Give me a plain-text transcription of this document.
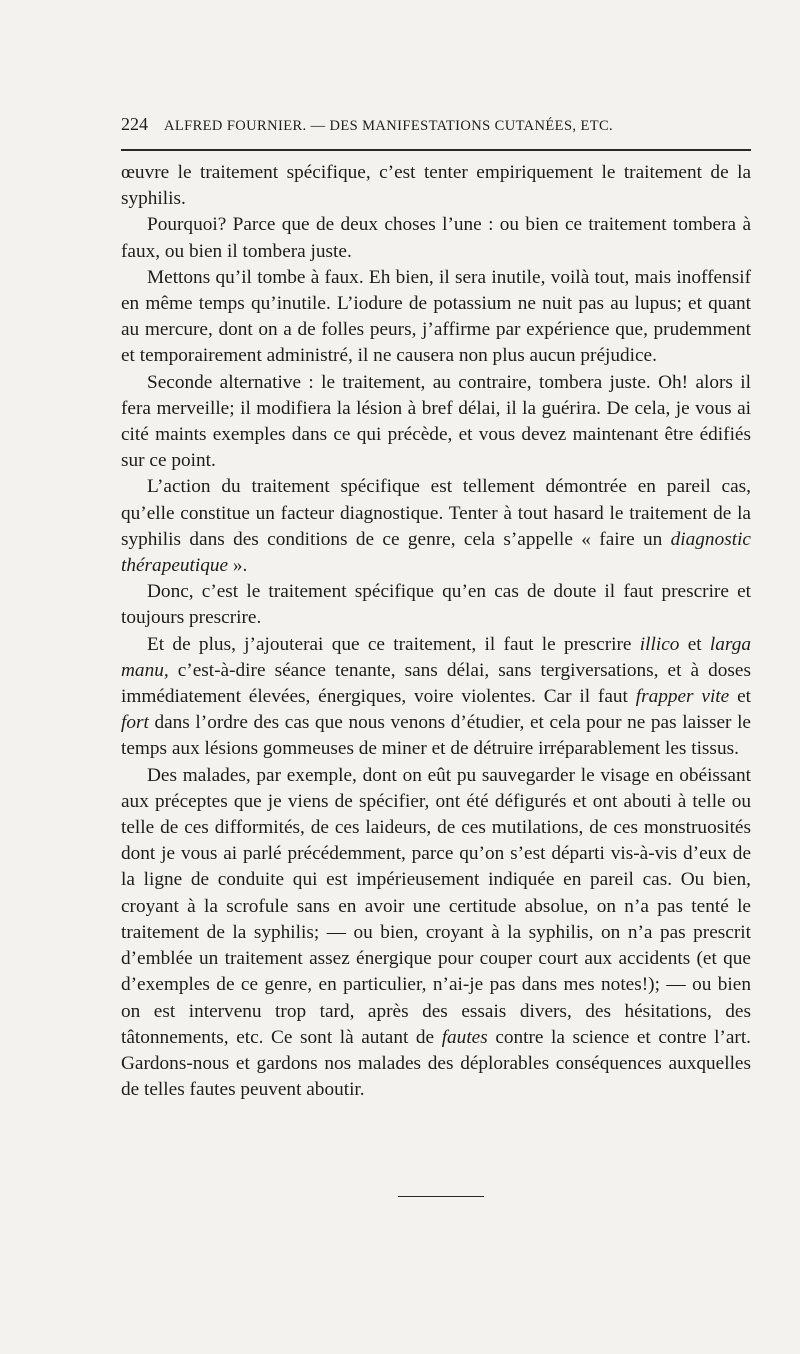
224 ALFRED FOURNIER. — DES MANIFESTATIONS CUTANÉES, ETC.

œuvre le traitement spécifique, c’est tenter empiriquement le traitement de la syphilis.

Pourquoi? Parce que de deux choses l’une : ou bien ce traitement tombera à faux, ou bien il tombera juste.

Mettons qu’il tombe à faux. Eh bien, il sera inutile, voilà tout, mais inoffensif en même temps qu’inutile. L’iodure de potassium ne nuit pas au lupus; et quant au mercure, dont on a de folles peurs, j’affirme par expérience que, prudemment et temporairement administré, il ne causera non plus aucun préjudice.

Seconde alternative : le traitement, au contraire, tombera juste. Oh! alors il fera merveille; il modifiera la lésion à bref délai, il la guérira. De cela, je vous ai cité maints exemples dans ce qui précède, et vous devez maintenant être édifiés sur ce point.

L’action du traitement spécifique est tellement démontrée en pareil cas, qu’elle constitue un facteur diagnostique. Tenter à tout hasard le traitement de la syphilis dans des conditions de ce genre, cela s’appelle « faire un diagnostic thérapeutique ».

Donc, c’est le traitement spécifique qu’en cas de doute il faut prescrire et toujours prescrire.

Et de plus, j’ajouterai que ce traitement, il faut le prescrire illico et larga manu, c’est-à-dire séance tenante, sans délai, sans tergiversations, et à doses immédiatement élevées, énergiques, voire violentes. Car il faut frapper vite et fort dans l’ordre des cas que nous venons d’étudier, et cela pour ne pas laisser le temps aux lésions gommeuses de miner et de détruire irréparablement les tissus.

Des malades, par exemple, dont on eût pu sauvegarder le visage en obéissant aux préceptes que je viens de spécifier, ont été défigurés et ont abouti à telle ou telle de ces difformités, de ces laideurs, de ces mutilations, de ces monstruosités dont je vous ai parlé précédemment, parce qu’on s’est départi vis-à-vis d’eux de la ligne de conduite qui est impérieusement indiquée en pareil cas. Ou bien, croyant à la scrofule sans en avoir une certitude absolue, on n’a pas tenté le traitement de la syphilis; — ou bien, croyant à la syphilis, on n’a pas prescrit d’emblée un traitement assez énergique pour couper court aux accidents (et que d’exemples de ce genre, en particulier, n’ai-je pas dans mes notes!); — ou bien on est intervenu trop tard, après des essais divers, des hésitations, des tâtonnements, etc. Ce sont là autant de fautes contre la science et contre l’art. Gardons-nous et gardons nos malades des déplorables conséquences auxquelles de telles fautes peuvent aboutir.
